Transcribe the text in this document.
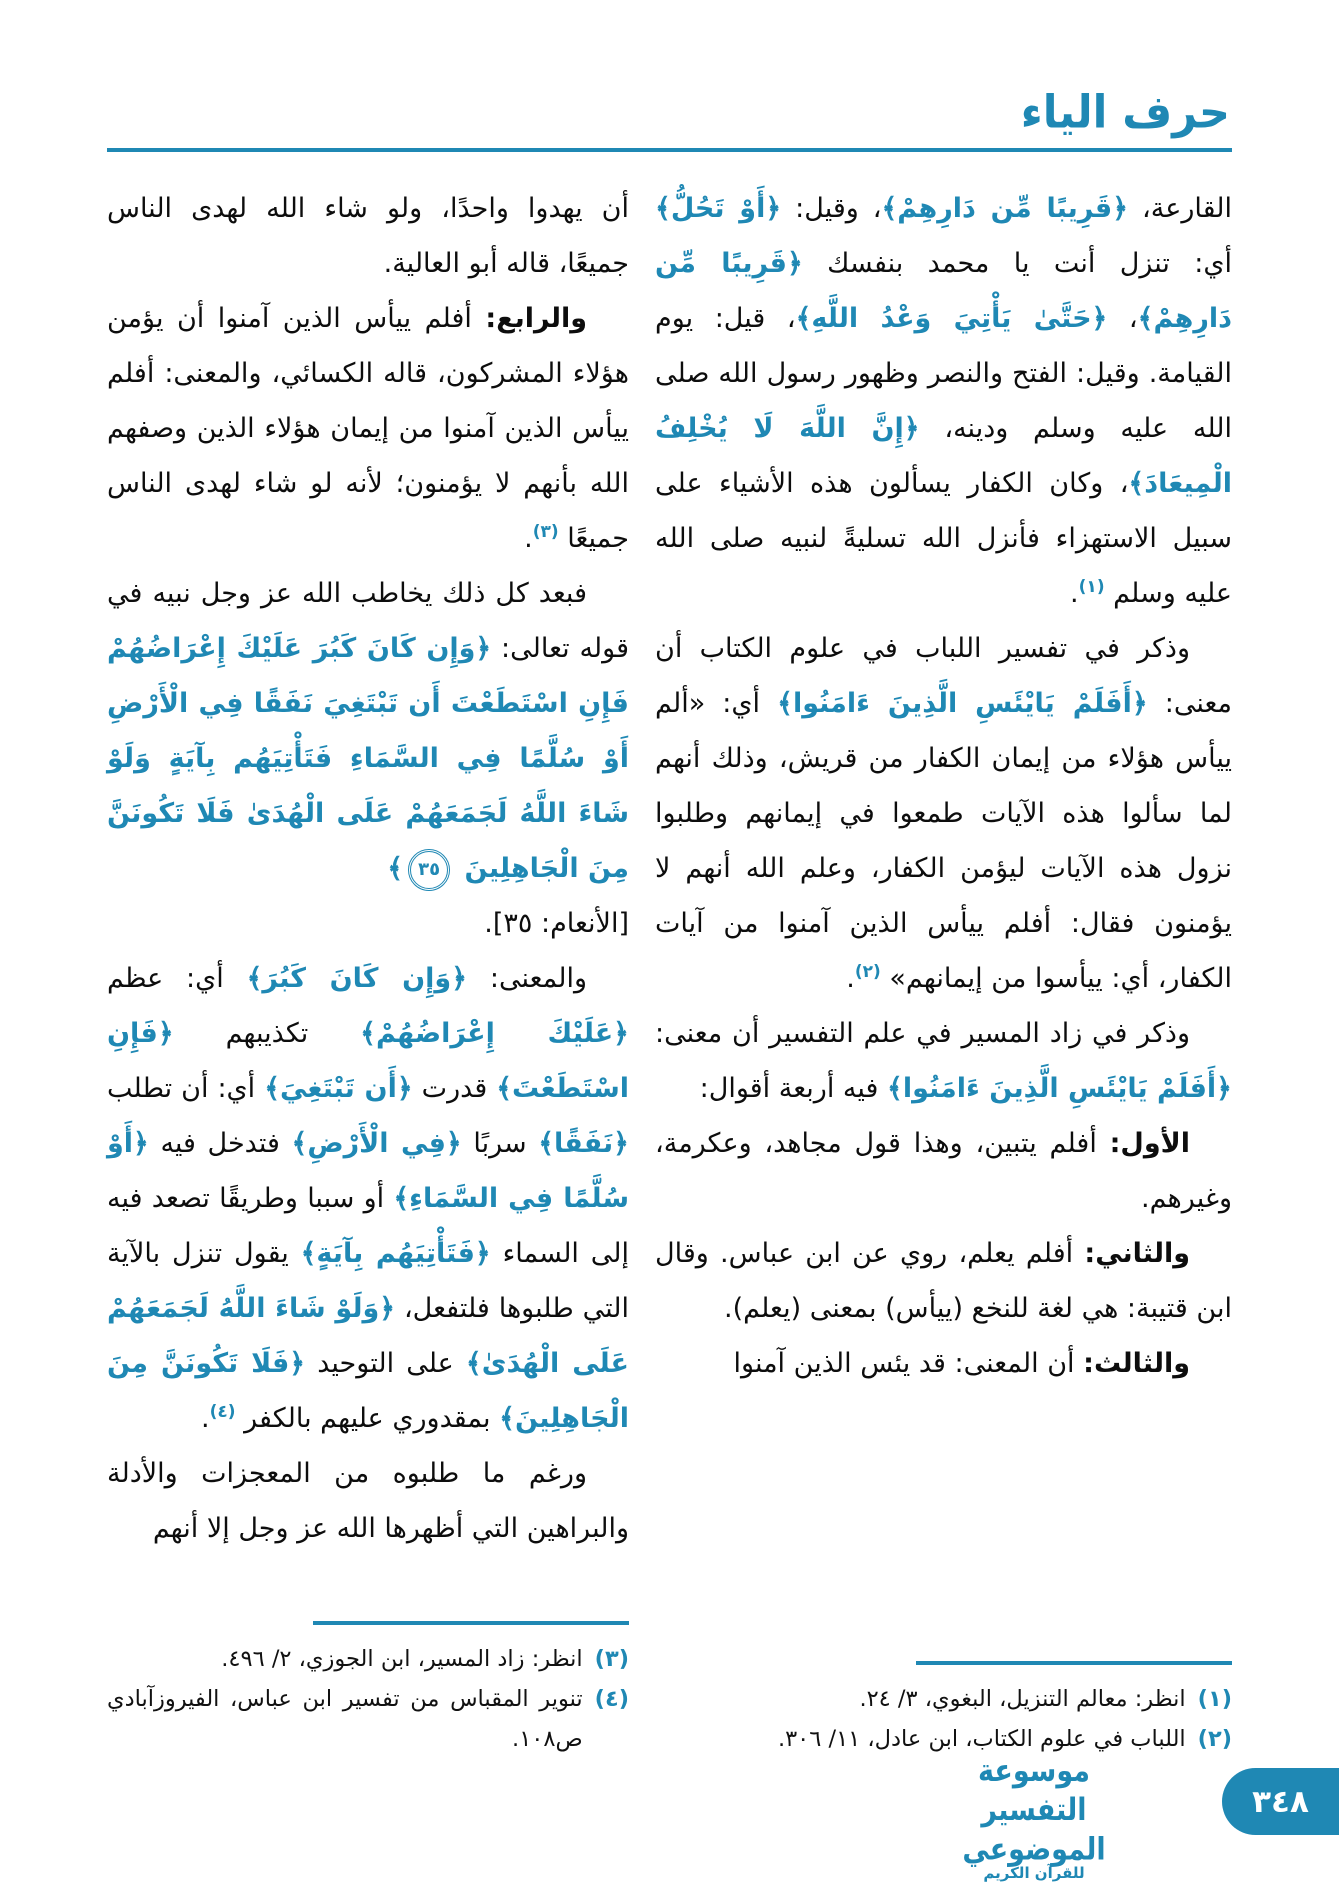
حرف الياء

القارعة، ﴿قَرِيبًا مِّن دَارِهِمْ﴾، وقيل: ﴿أَوْ تَحُلُّ﴾ أي: تنزل أنت يا محمد بنفسك ﴿قَرِيبًا مِّن دَارِهِمْ﴾، ﴿حَتَّىٰ يَأْتِيَ وَعْدُ اللَّهِ﴾، قيل: يوم القيامة. وقيل: الفتح والنصر وظهور رسول الله صلى الله عليه وسلم ودينه، ﴿إِنَّ اللَّهَ لَا يُخْلِفُ الْمِيعَادَ﴾، وكان الكفار يسألون هذه الأشياء على سبيل الاستهزاء فأنزل الله تسليةً لنبيه صلى الله عليه وسلم $^{(١)}$.

وذكر في تفسير اللباب في علوم الكتاب أن معنى: ﴿أَفَلَمْ يَايْئَسِ الَّذِينَ ءَامَنُوا﴾ أي: «ألم ييأس هؤلاء من إيمان الكفار من قريش، وذلك أنهم لما سألوا هذه الآيات طمعوا في إيمانهم وطلبوا نزول هذه الآيات ليؤمن الكفار، وعلم الله أنهم لا يؤمنون فقال: أفلم ييأس الذين آمنوا من آيات الكفار، أي: ييأسوا من إيمانهم» $^{(٢)}$.

وذكر في زاد المسير في علم التفسير أن معنى: ﴿أَفَلَمْ يَايْئَسِ الَّذِينَ ءَامَنُوا﴾ فيه أربعة أقوال:

الأول: أفلم يتبين، وهذا قول مجاهد، وعكرمة، وغيرهم.

والثاني: أفلم يعلم، روي عن ابن عباس. وقال ابن قتيبة: هي لغة للنخع (ييأس) بمعنى (يعلم).

والثالث: أن المعنى: قد يئس الذين آمنوا

(١)
انظر: معالم التنزيل، البغوي، ٣/ ٢٤.
(٢)
اللباب في علوم الكتاب، ابن عادل، ١١/ ٣٠٦.

أن يهدوا واحدًا، ولو شاء الله لهدى الناس جميعًا، قاله أبو العالية.

والرابع: أفلم ييأس الذين آمنوا أن يؤمن هؤلاء المشركون، قاله الكسائي، والمعنى: أفلم ييأس الذين آمنوا من إيمان هؤلاء الذين وصفهم الله بأنهم لا يؤمنون؛ لأنه لو شاء لهدى الناس جميعًا $^{(٣)}$.

فبعد كل ذلك يخاطب الله عز وجل نبيه في قوله تعالى: ﴿وَإِن كَانَ كَبُرَ عَلَيْكَ إِعْرَاضُهُمْ فَإِنِ اسْتَطَعْتَ أَن تَبْتَغِيَ نَفَقًا فِي الْأَرْضِ أَوْ سُلَّمًا فِي السَّمَاءِ فَتَأْتِيَهُم بِآيَةٍ وَلَوْ شَاءَ اللَّهُ لَجَمَعَهُمْ عَلَى الْهُدَىٰ فَلَا تَكُونَنَّ مِنَ الْجَاهِلِينَ ٣٥﴾

[الأنعام: ٣٥].

والمعنى: ﴿وَإِن كَانَ كَبُرَ﴾ أي: عظم ﴿عَلَيْكَ إِعْرَاضُهُمْ﴾ تكذيبهم ﴿فَإِنِ اسْتَطَعْتَ﴾ قدرت ﴿أَن تَبْتَغِيَ﴾ أي: أن تطلب ﴿نَفَقًا﴾ سربًا ﴿فِي الْأَرْضِ﴾ فتدخل فيه ﴿أَوْ سُلَّمًا فِي السَّمَاءِ﴾ أو سببا وطريقًا تصعد فيه إلى السماء ﴿فَتَأْتِيَهُم بِآيَةٍ﴾ يقول تنزل بالآية التي طلبوها فلتفعل، ﴿وَلَوْ شَاءَ اللَّهُ لَجَمَعَهُمْ عَلَى الْهُدَىٰ﴾ على التوحيد ﴿فَلَا تَكُونَنَّ مِنَ الْجَاهِلِينَ﴾ بمقدوري عليهم بالكفر $^{(٤)}$.

ورغم ما طلبوه من المعجزات والأدلة والبراهين التي أظهرها الله عز وجل إلا أنهم

(٣)
انظر: زاد المسير، ابن الجوزي، ٢/ ٤٩٦.
(٤)
تنوير المقباس من تفسير ابن عباس، الفيروزآبادي ص١٠٨.
موسوعة التفسير الموضوعي
للقرآن الكريم
٣٤٨
